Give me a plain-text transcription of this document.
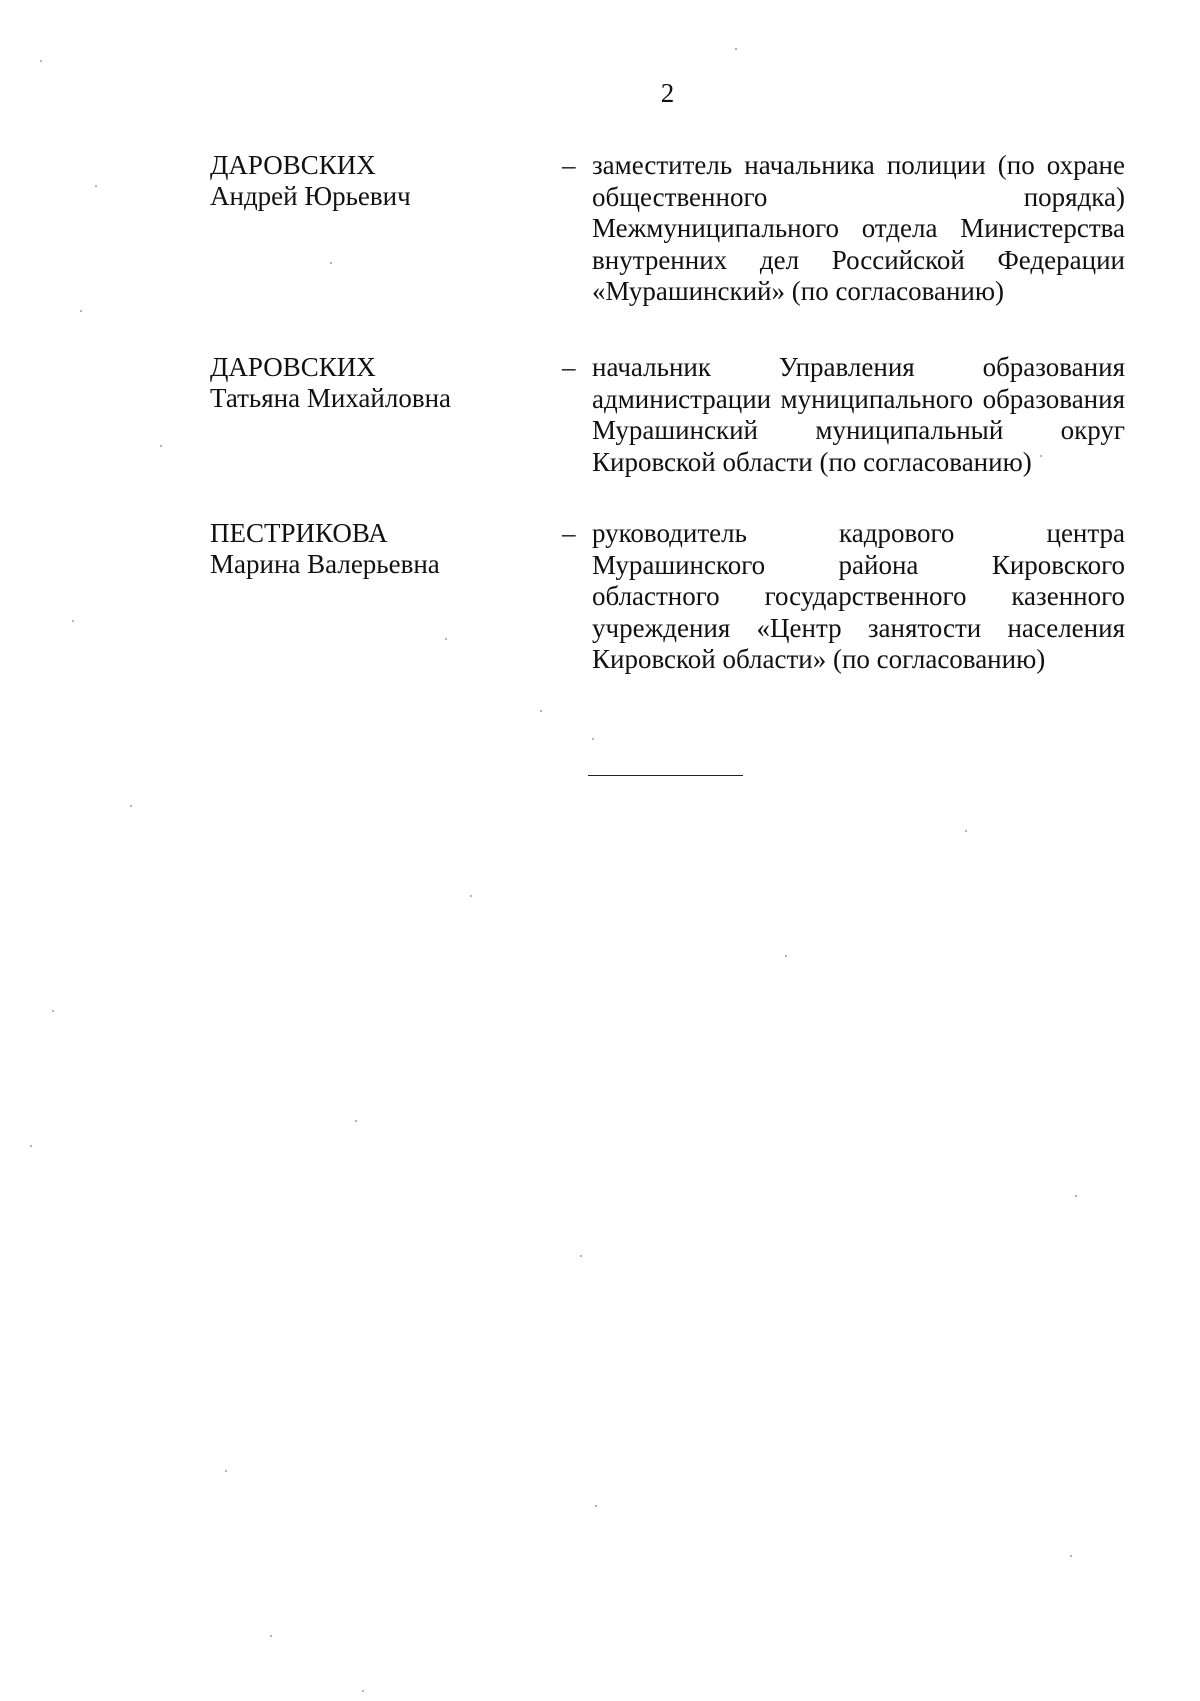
2
ДАРОВСКИХ
Андрей Юрьевич
– заместитель начальника полиции (по охране общественного порядка) Межмуниципального отдела Министерства внутренних дел Российской Федерации «Мурашинский» (по согласованию)
ДАРОВСКИХ
Татьяна Михайловна
– начальник Управления образования администрации муниципального образования Мурашинский муниципальный округ Кировской области (по согласованию)
ПЕСТРИКОВА
Марина Валерьевна
– руководитель кадрового центра Мурашинского района Кировского областного государственного казенного учреждения «Центр занятости населения Кировской области» (по согласованию)
